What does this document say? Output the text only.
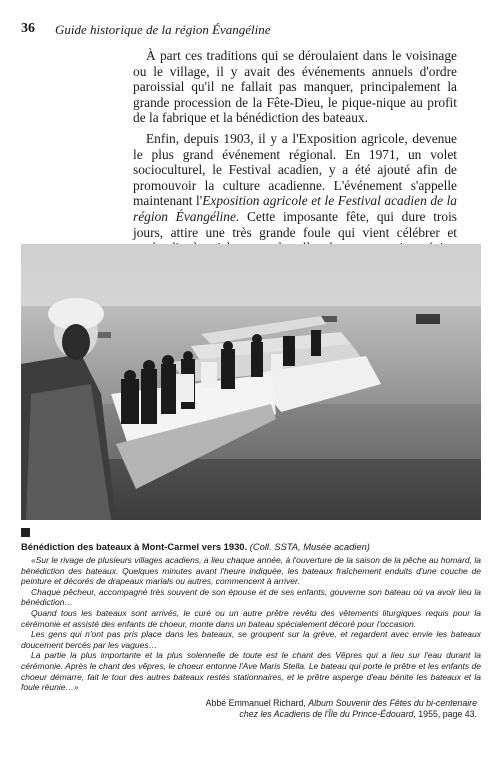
36 Guide historique de la région Évangéline

À part ces traditions qui se déroulaient dans le voisinage ou le village, il y avait des événements annuels d'ordre paroissial qu'il ne fallait pas manquer, principalement la grande procession de la Fête-Dieu, le pique-nique au profit de la fabrique et la bénédiction des bateaux.

Enfin, depuis 1903, il y a l'Exposition agricole, devenue le plus grand événement régional. En 1971, un volet socioculturel, le Festival acadien, y a été ajouté afin de promouvoir la culture acadienne. L'événement s'appelle maintenant l'Exposition agricole et le Festival acadien de la région Évangéline. Cette imposante fête, qui dure trois jours, attire une très grande foule qui vient célébrer et

Bénédiction des bateaux à Mont-Carmel vers 1930. (Coll. SSTA, Musée acadien)

«Sur le rivage de plusieurs villages acadiens, a lieu chaque année, à l'ouverture de la saison de la pêche au homard, la bénédiction des bateaux. Quelques minutes avant l'heure indiquée, les bateaux fraîchement enduits d'une couche de peinture et décorés de drapeaux marials ou autres, commencent à arriver.

Chaque pêcheur, accompagné très souvent de son épouse et de ses enfants, gouverne son bateau où va avoir lieu la bénédiction…

Quand tous les bateaux sont arrivés, le curé ou un autre prêtre revêtu des vêtements liturgiques requis pour la cérémonie et assisté des enfants de choeur, monte dans un bateau spécialement décoré pour l'occasion.

Les gens qui n'ont pas pris place dans les bateaux, se groupent sur la grève, et regardent avec envie les bateaux doucement bercés par les vagues…

La partie la plus importante et la plus solennelle de toute est le chant des Vêpres qui a lieu sur l'eau durant la cérémonie. Après le chant des vêpres, le choeur entonne l'Ave Maris Stella. Le bateau qui porte le prêtre et les enfants de choeur démarre, fait le tour des autres bateaux restés stationnaires, et le prêtre asperge d'eau bénite les bateaux et la foule réunie…»

Abbé Emmanuel Richard, Album Souvenir des Fêtes du bi-centenaire
chez les Acadiens de l'Île du Prince-Édouard, 1955, page 43.
